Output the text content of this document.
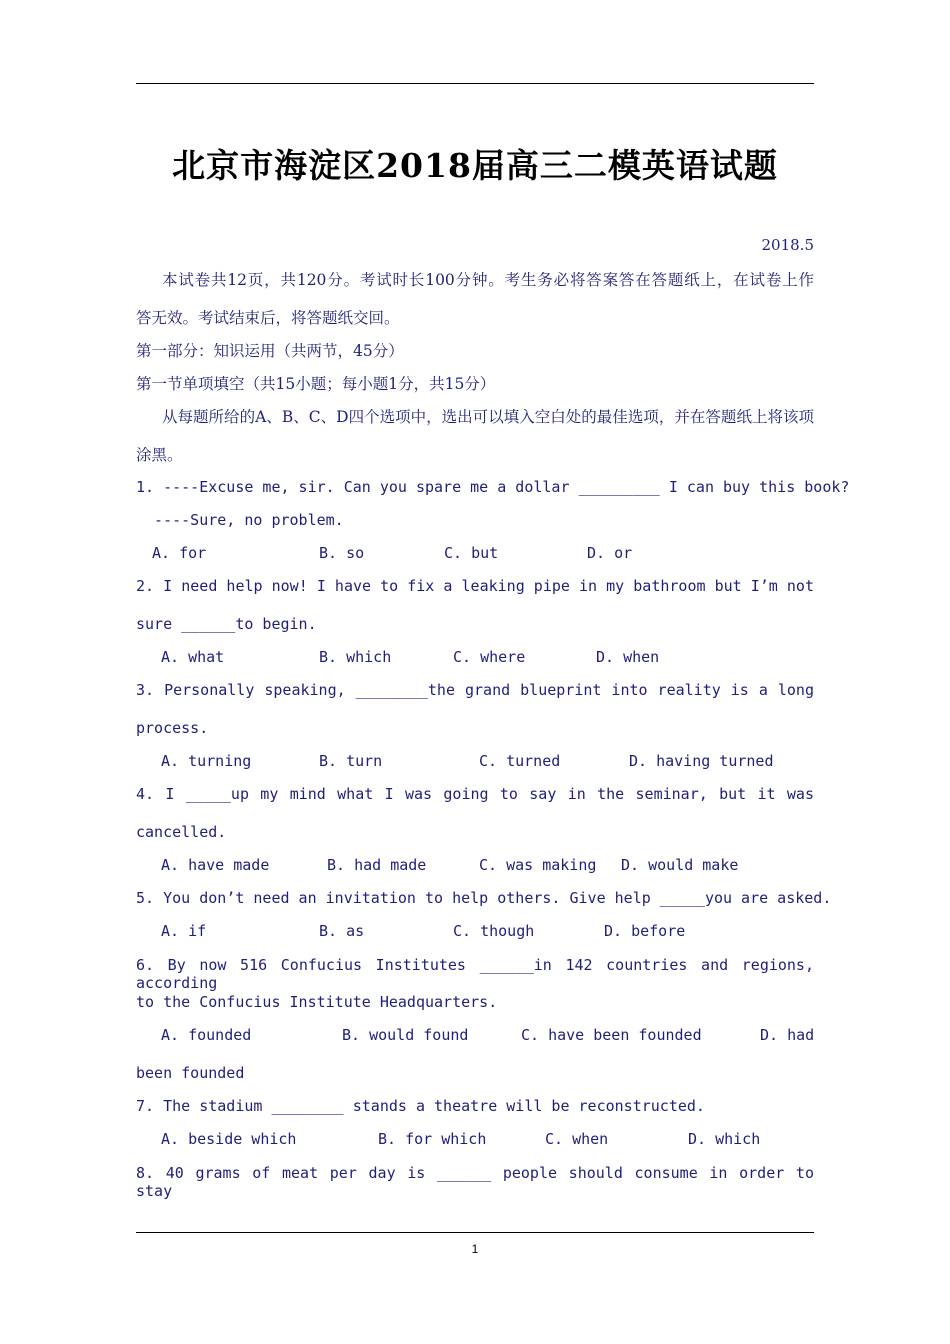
北京市海淀区2018届高三二模英语试题
2018.5
本试卷共12页，共120分。考试时长100分钟。考生务必将答案答在答题纸上，在试卷上作
答无效。考试结束后，将答题纸交回。
第一部分：知识运用（共两节，45分）
第一节单项填空（共15小题；每小题1分，共15分）
从每题所给的A、B、C、D四个选项中，选出可以填入空白处的最佳选项，并在答题纸上将该项
涂黑。
1. ----Excuse me, sir. Can you spare me a dollar _________ I can buy this book?
----Sure, no problem.
A. for	B. so	C. but	D. or
2. I need help now! I have to fix a leaking pipe in my bathroom but I’m not
sure ______to begin.
A. what	B. which	C. where	D. when
3. Personally speaking, ________the grand blueprint into reality is a long
process.
A. turning	B. turn	C. turned	D. having turned
4. I _____up my mind what I was going to say in the seminar, but it was
cancelled.
A. have made	B. had made	C. was making D. would make
5. You don’t need an invitation to help others. Give help _____you are asked.
A. if	B. as	C. though	D. before
6. By now 516 Confucius Institutes ______in 142 countries and regions, according
to the Confucius Institute Headquarters.
A. founded	B. would found	C. have been founded	D. had
been founded
7. The stadium ________ stands a theatre will be reconstructed.
A. beside which	B. for which	C. when	D. which
8. 40 grams of meat per day is ______ people should consume in order to stay
1
